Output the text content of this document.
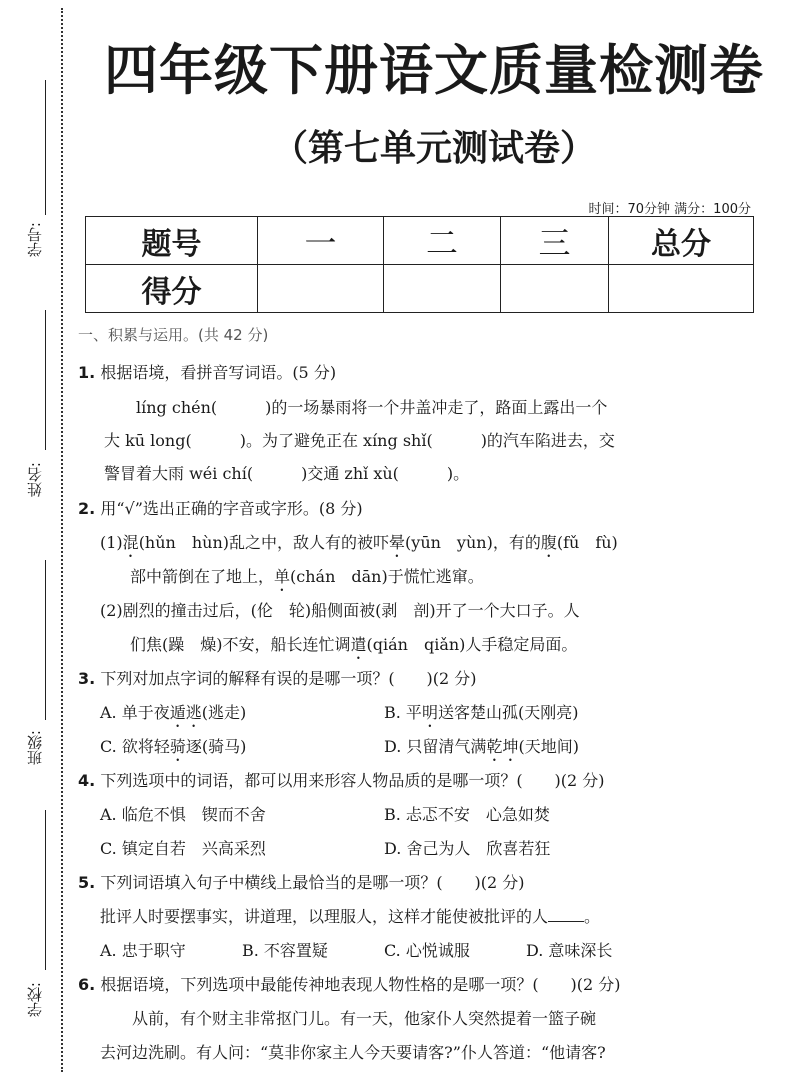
学号:
姓名:
班级:
学校:
四年级下册语文质量检测卷
（第七单元测试卷）
时间：70分钟 满分：100分
题号	一	二	三	总分
得分				
一、积累与运用。(共 42 分)
1. 根据语境，看拼音写词语。(5 分)
　　líng chén(　　　)的一场暴雨将一个井盖冲走了，路面上露出一个
大 kū long(　　　)。为了避免正在 xíng shǐ(　　　)的汽车陷进去，交
警冒着大雨 wéi chí(　　　)交通 zhǐ xù(　　　)。
2. 用“√”选出正确的字音或字形。(8 分)
(1)混(hǔn　hùn)乱之中，敌人有的被吓晕(yūn　yùn)，有的腹(fǔ　fù)
部中箭倒在了地上，单(chán　dān)于慌忙逃窜。
(2)剧烈的撞击过后，(伦　轮)船侧面被(剥　剖)开了一个大口子。人
们焦(躁　燥)不安，船长连忙调遣(qián　qiǎn)人手稳定局面。
3. 下列对加点字词的解释有误的是哪一项？(　　)(2 分)
A. 单于夜遁逃(逃走)	B. 平明送客楚山孤(天刚亮)
C. 欲将轻骑逐(骑马)	D. 只留清气满乾坤(天地间)
4. 下列选项中的词语，都可以用来形容人物品质的是哪一项？(　　)(2 分)
A. 临危不惧　锲而不舍	B. 忐忑不安　心急如焚
C. 镇定自若　兴高采烈	D. 舍己为人　欣喜若狂
5. 下列词语填入句子中横线上最恰当的是哪一项？(　　)(2 分)
批评人时要摆事实，讲道理，以理服人，这样才能使被批评的人 。
A. 忠于职守	B. 不容置疑	C. 心悦诚服	D. 意味深长
6. 根据语境，下列选项中最能传神地表现人物性格的是哪一项？(　　)(2 分)
　　从前，有个财主非常抠门儿。有一天，他家仆人突然提着一篮子碗
去河边洗刷。有人问：“莫非你家主人今天要请客?”仆人答道：“他请客?
